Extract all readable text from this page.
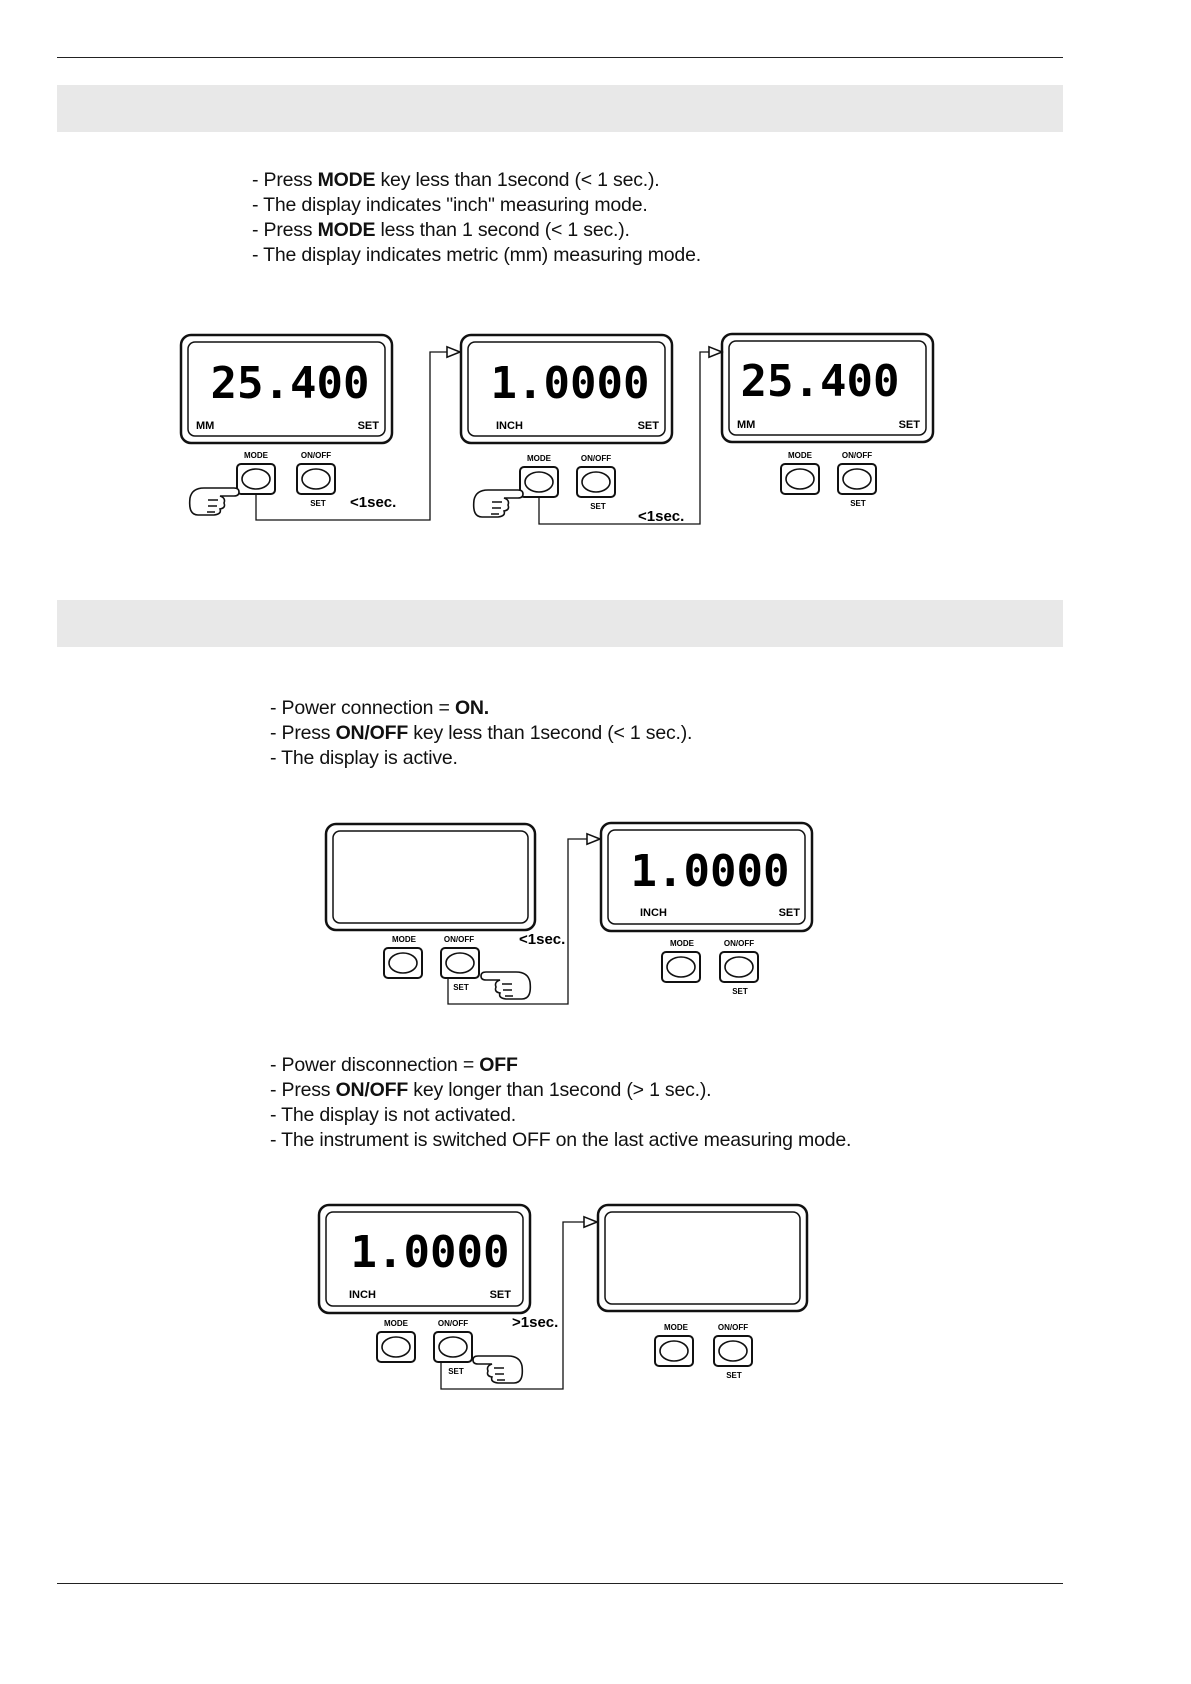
- Press MODE key less than 1second (< 1 sec.).
- The display indicates "inch" measuring mode.
- Press MODE less than 1 second (< 1 sec.).
- The display indicates metric (mm) measuring mode.
25.400
MM	SET
MODE	ON/OFF
SET <1sec.
1.0000
INCH	SET
MODE	ON/OFF
SET
<1sec.
25.400
MM	SET
MODE	ON/OFF
SET
- Power connection = ON.
- Press ON/OFF key less than 1second (< 1 sec.).
- The display is active.
MODE	ON/OFF
SET
<1sec.
1.0000
INCH	SET
MODE	ON/OFF
SET
- Power disconnection = OFF
- Press ON/OFF key longer than 1second (> 1 sec.).
- The display is not activated.
- The instrument is switched OFF on the last active measuring mode.
1.0000
INCH	SET
MODE	ON/OFF
SET
>1sec.	MODE	ON/OFF
SET
